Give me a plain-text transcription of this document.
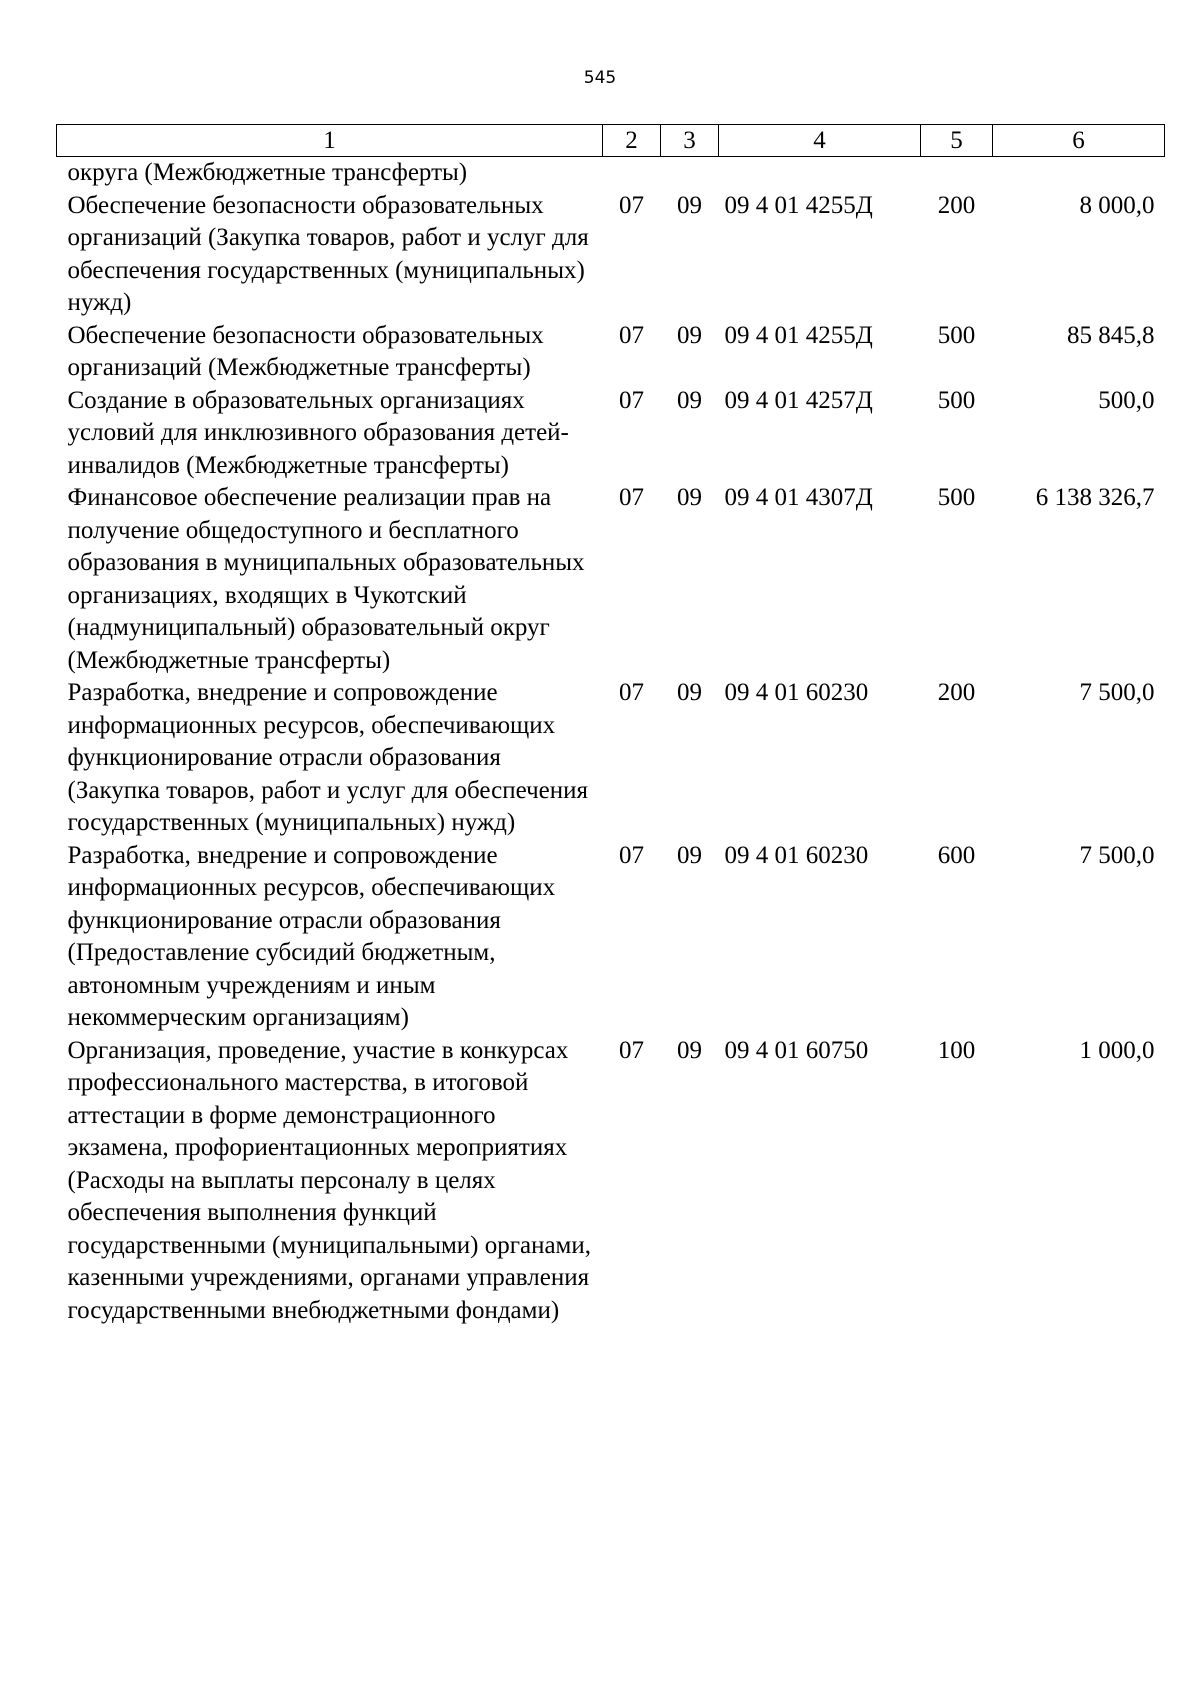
545
1	2	3	4	5	6
округа (Межбюджетные трансферты)					
Обеспечение безопасности образовательных организаций (Закупка товаров, работ и услуг для обеспечения государственных (муниципальных) нужд)	07	09	09 4 01 4255Д	200	8 000,0
Обеспечение безопасности образовательных организаций (Межбюджетные трансферты)	07	09	09 4 01 4255Д	500	85 845,8
Создание в образовательных организациях условий для инклюзивного образования детей-инвалидов (Межбюджетные трансферты)	07	09	09 4 01 4257Д	500	500,0
Финансовое обеспечение реализации прав на получение общедоступного и бесплатного образования в муниципальных образовательных организациях, входящих в Чукотский (надмуниципальный) образовательный округ (Межбюджетные трансферты)	07	09	09 4 01 4307Д	500	6 138 326,7
Разработка, внедрение и сопровождение информационных ресурсов, обеспечивающих функционирование отрасли образования (Закупка товаров, работ и услуг для обеспечения государственных (муниципальных) нужд)	07	09	09 4 01 60230	200	7 500,0
Разработка, внедрение и сопровождение информационных ресурсов, обеспечивающих функционирование отрасли образования (Предоставление субсидий бюджетным, автономным учреждениям и иным некоммерческим организациям)	07	09	09 4 01 60230	600	7 500,0
Организация, проведение, участие в конкурсах профессионального мастерства, в итоговой аттестации в форме демонстрационного экзамена, профориентационных мероприятиях (Расходы на выплаты персоналу в целях обеспечения выполнения функций государственными (муниципальными) органами, казенными учреждениями, органами управления государственными внебюджетными фондами)	07	09	09 4 01 60750	100	1 000,0
